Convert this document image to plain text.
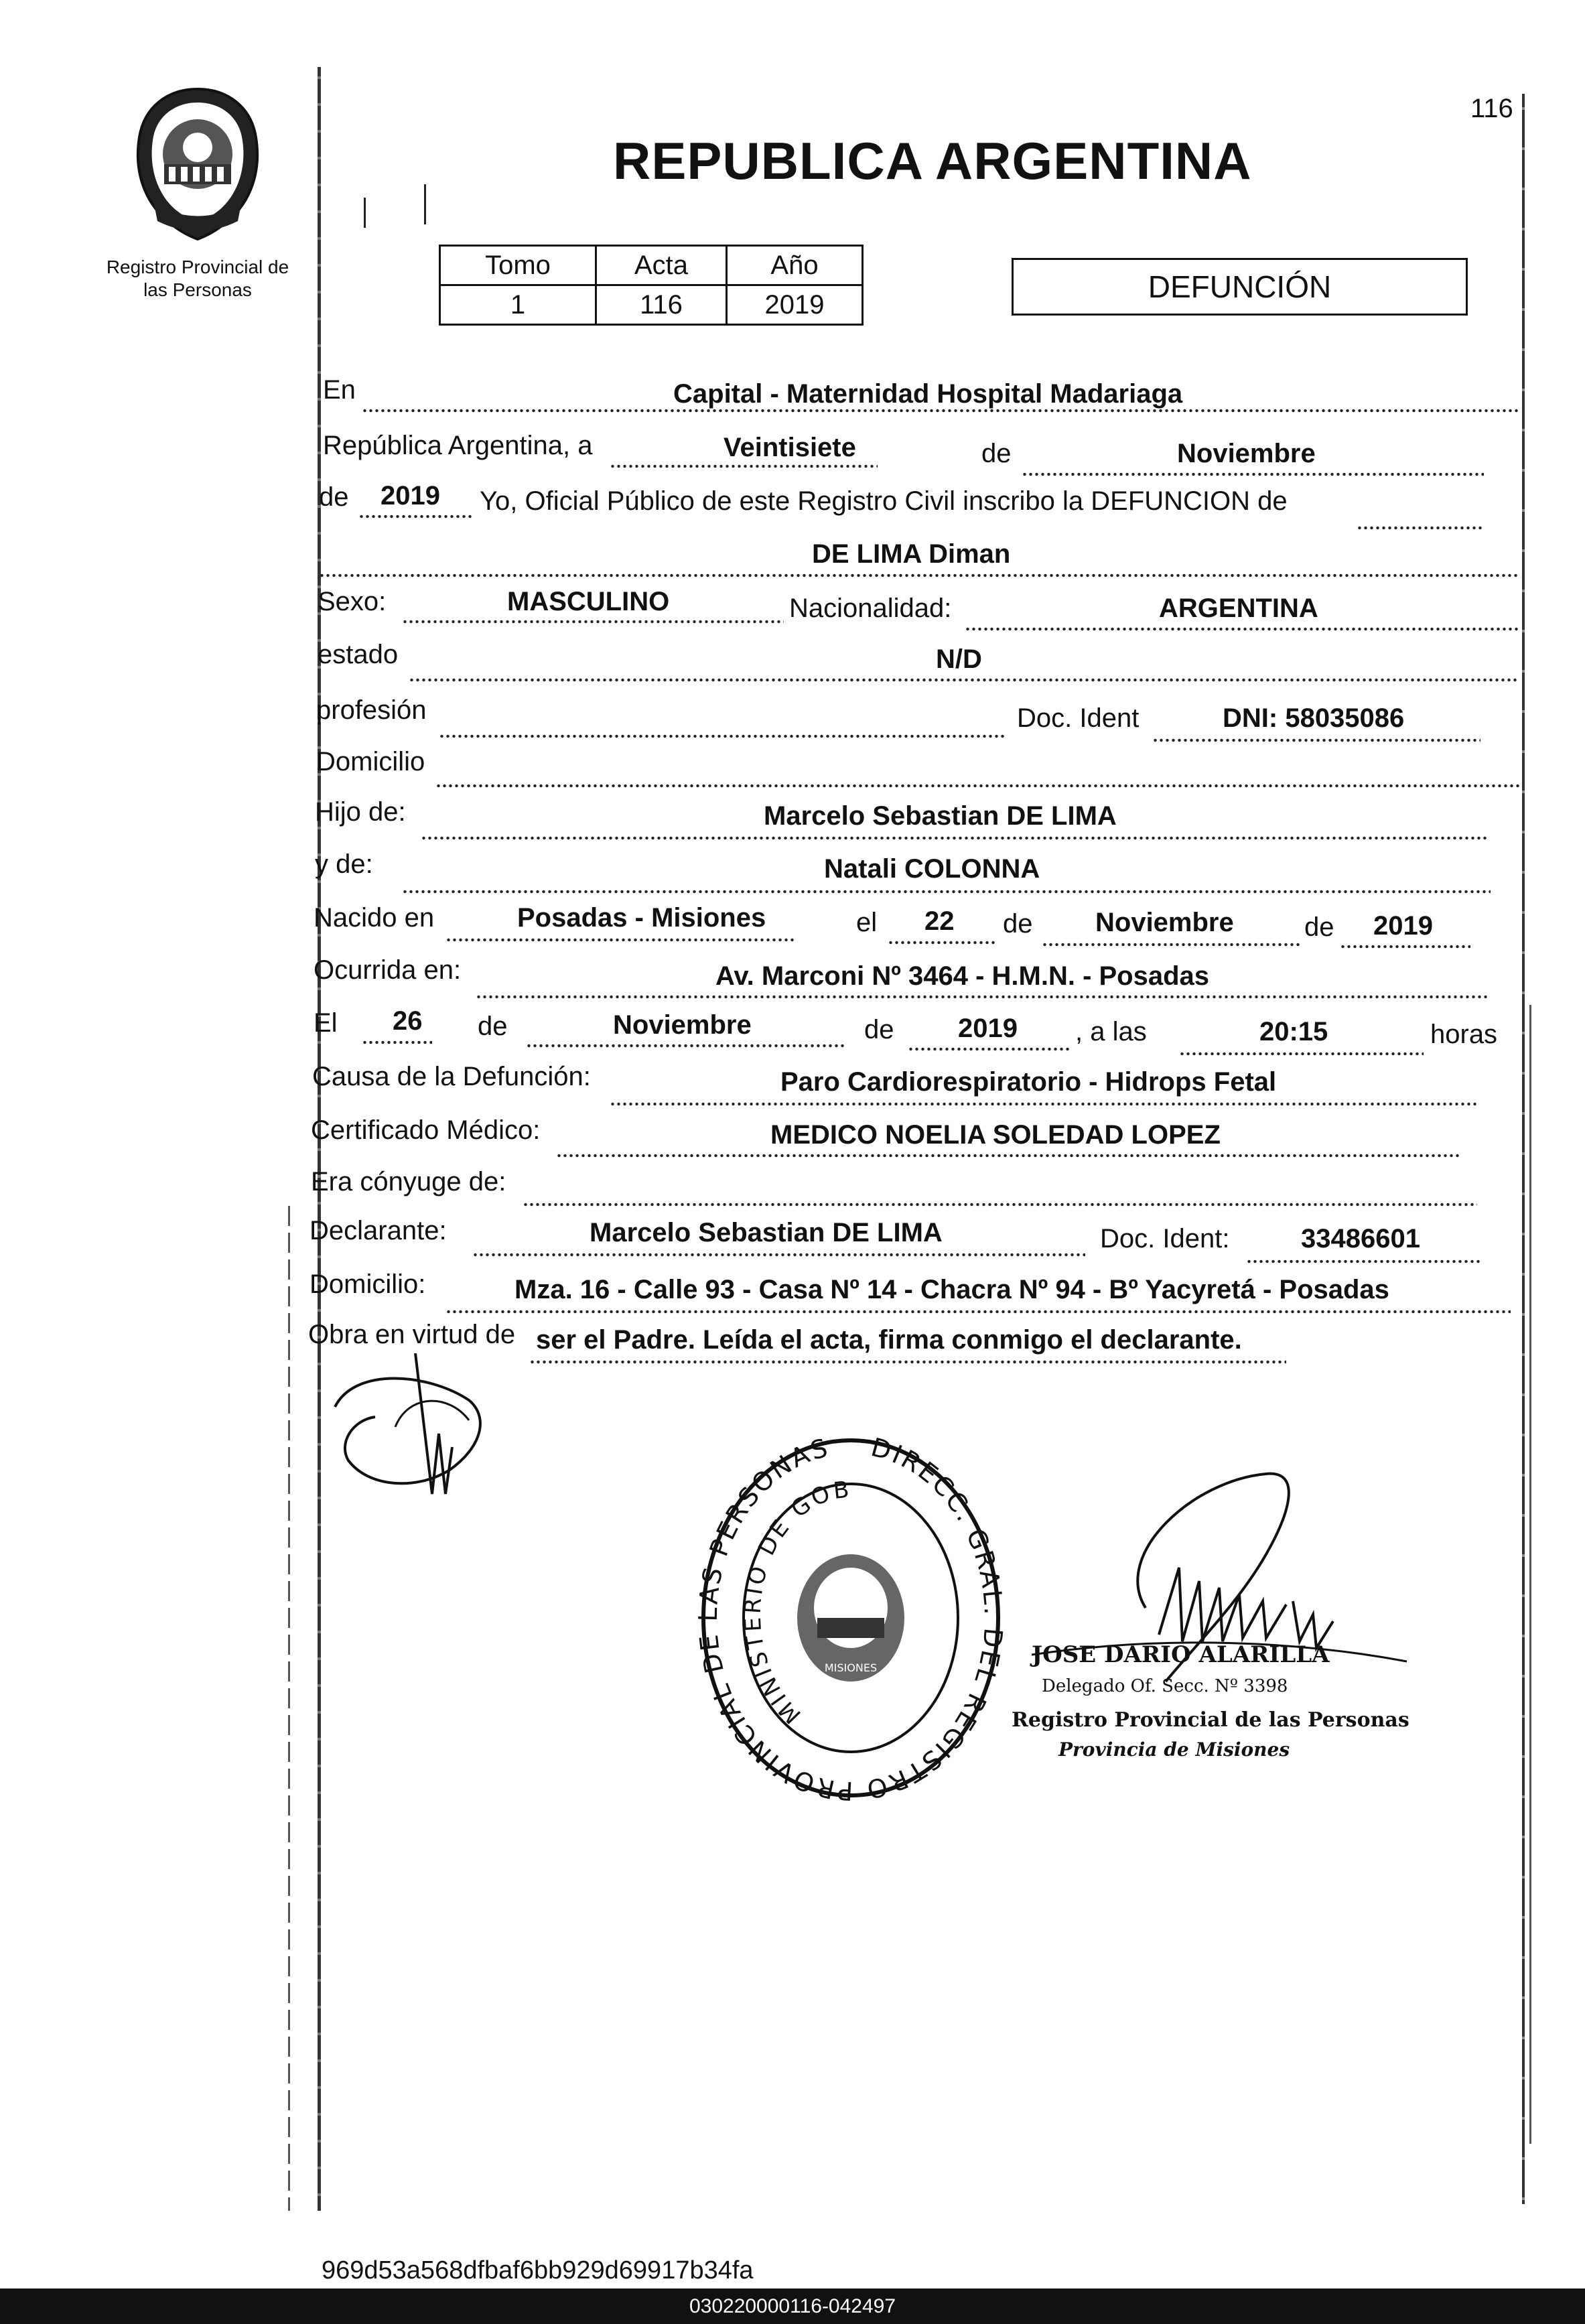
Registro Provincial de
las Personas
116
REPUBLICA ARGENTINA
Tomo	Acta	Año
1	116	2019
DEFUNCIÓN
En	Capital - Maternidad Hospital Madariaga
República Argentina, a	Veintisiete	de	Noviembre
de 2019 Yo, Oficial Público de este Registro Civil inscribo la DEFUNCION de
DE LIMA Diman
Sexo:	MASCULINO	Nacionalidad:	ARGENTINA
estado	N/D
profesión	Doc. Ident	DNI: 58035086
Domicilio
Hijo de:	Marcelo Sebastian DE LIMA
y de:	Natali COLONNA
Nacido en	Posadas - Misiones	el 22 de Noviembre	de 2019
Ocurrida en:	Av. Marconi Nº 3464 - H.M.N. - Posadas
El 26 de	Noviembre	de 2019 , a las	20:15	horas
Causa de la Defunción:	Paro Cardiorespiratorio - Hidrops Fetal
Certificado Médico:	MEDICO NOELIA SOLEDAD LOPEZ
Era cónyuge de:
Declarante:	Marcelo Sebastian DE LIMA	Doc. Ident:	33486601
Domicilio:	Mza. 16 - Calle 93 - Casa Nº 14 - Chacra Nº 94 - Bº Yacyretá - Posadas
Obra en virtud de ser el Padre. Leída el acta, firma conmigo el declarante.
DIRECC. GRAL. DEL REGISTRO PROVINCIAL DE LAS PERSONAS
MINISTERIO DE GOB
MISIONES	JOSE DARIO ALARILLA
Delegado Of. Secc. Nº 3398
Registro Provincial de las Personas
Provincia de Misiones
969d53a568dfbaf6bb929d69917b34fa
030220000116-042497
